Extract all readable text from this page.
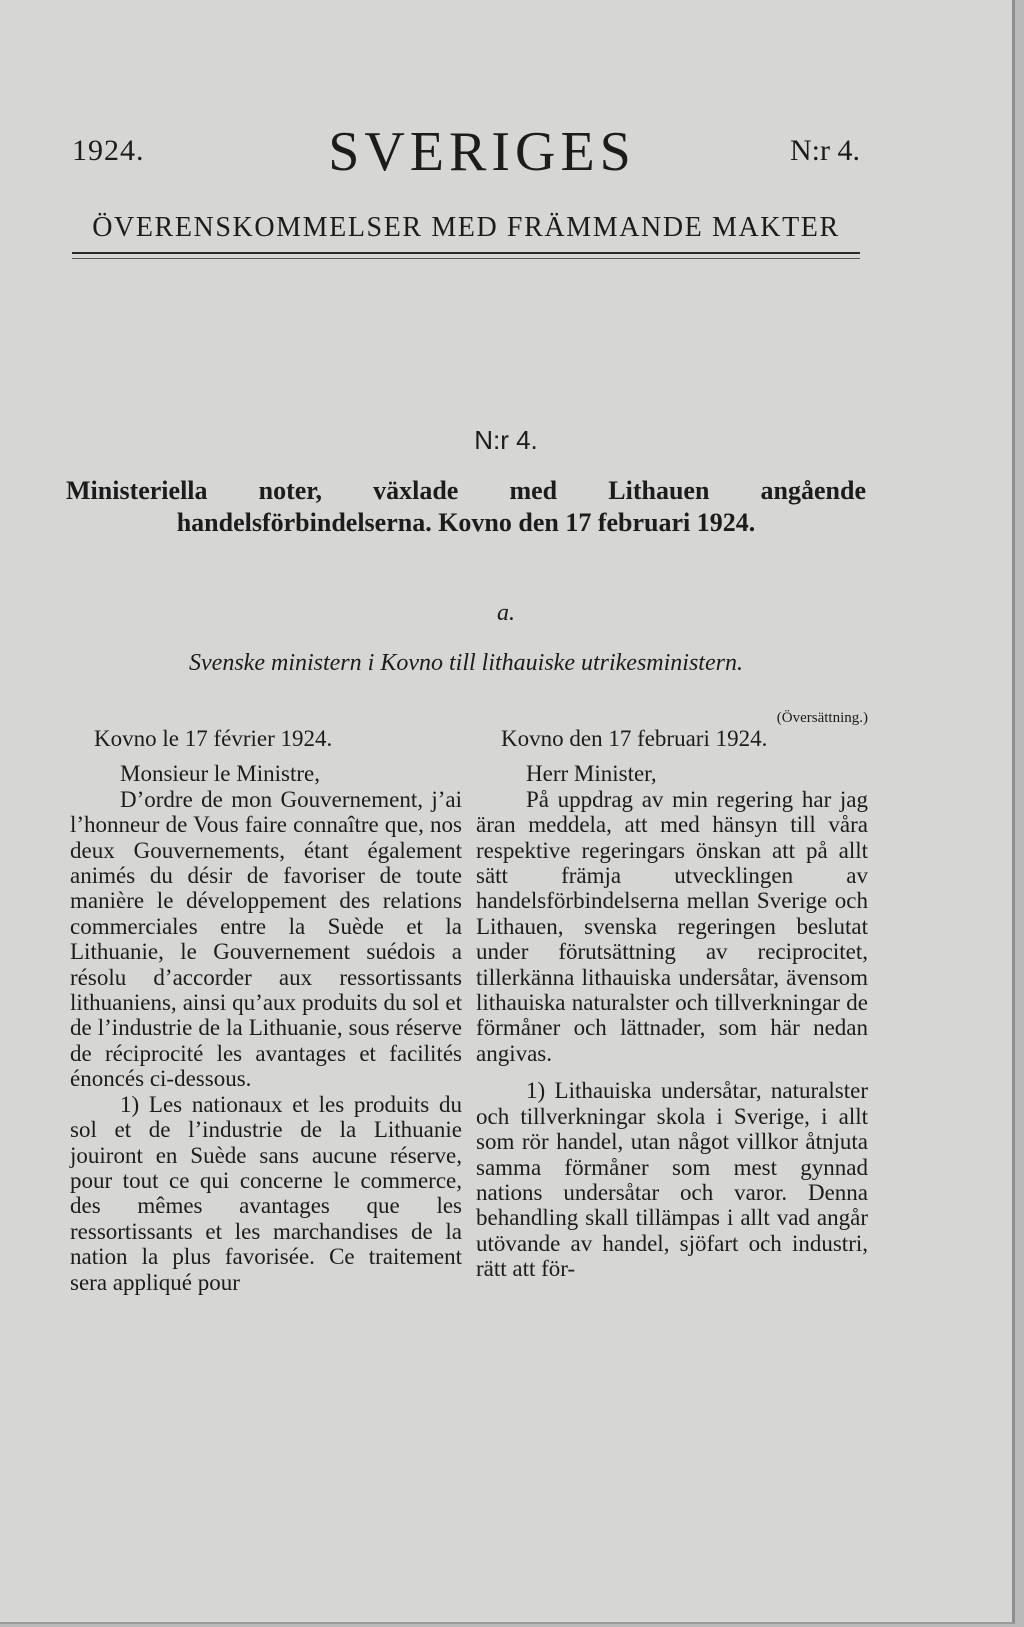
1924.	SVERIGES	N:r 4.
ÖVERENSKOMMELSER MED FRÄMMANDE MAKTER
N:r 4.
Ministeriella noter, växlade med Lithauen angående handelsförbindelserna. Kovno den 17 februari 1924.
a.
Svenske ministern i Kovno till lithauiske utrikesministern.
Kovno le 17 février 1924.
Monsieur le Ministre,
D’ordre de mon Gouvernement, j’ai l’honneur de Vous faire connaître que, nos deux Gouvernements, étant également animés du désir de favoriser de toute manière le développement des relations commerciales entre la Suède et la Lithuanie, le Gouvernement suédois a résolu d’accorder aux ressortissants lithuaniens, ainsi qu’aux produits du sol et de l’industrie de la Lithuanie, sous réserve de réciprocité les avantages et facilités énoncés ci-dessous.
1) Les nationaux et les produits du sol et de l’industrie de la Lithuanie jouiront en Suède sans aucune réserve, pour tout ce qui concerne le commerce, des mêmes avantages que les ressortissants et les marchandises de la nation la plus favorisée. Ce traitement sera appliqué pour
(Översättning.)
Kovno den 17 februari 1924.
Herr Minister,
På uppdrag av min regering har jag äran meddela, att med hänsyn till våra respektive regeringars önskan att på allt sätt främja utvecklingen av handelsförbindelserna mellan Sverige och Lithauen, svenska regeringen beslutat under förutsättning av reciprocitet, tillerkänna lithauiska undersåtar, ävensom lithauiska naturalster och tillverkningar de förmåner och lättnader, som här nedan angivas.
1) Lithauiska undersåtar, naturalster och tillverkningar skola i Sverige, i allt som rör handel, utan något villkor åtnjuta samma förmåner som mest gynnad nations undersåtar och varor. Denna behandling skall tillämpas i allt vad angår utövande av handel, sjöfart och industri, rätt att för-
